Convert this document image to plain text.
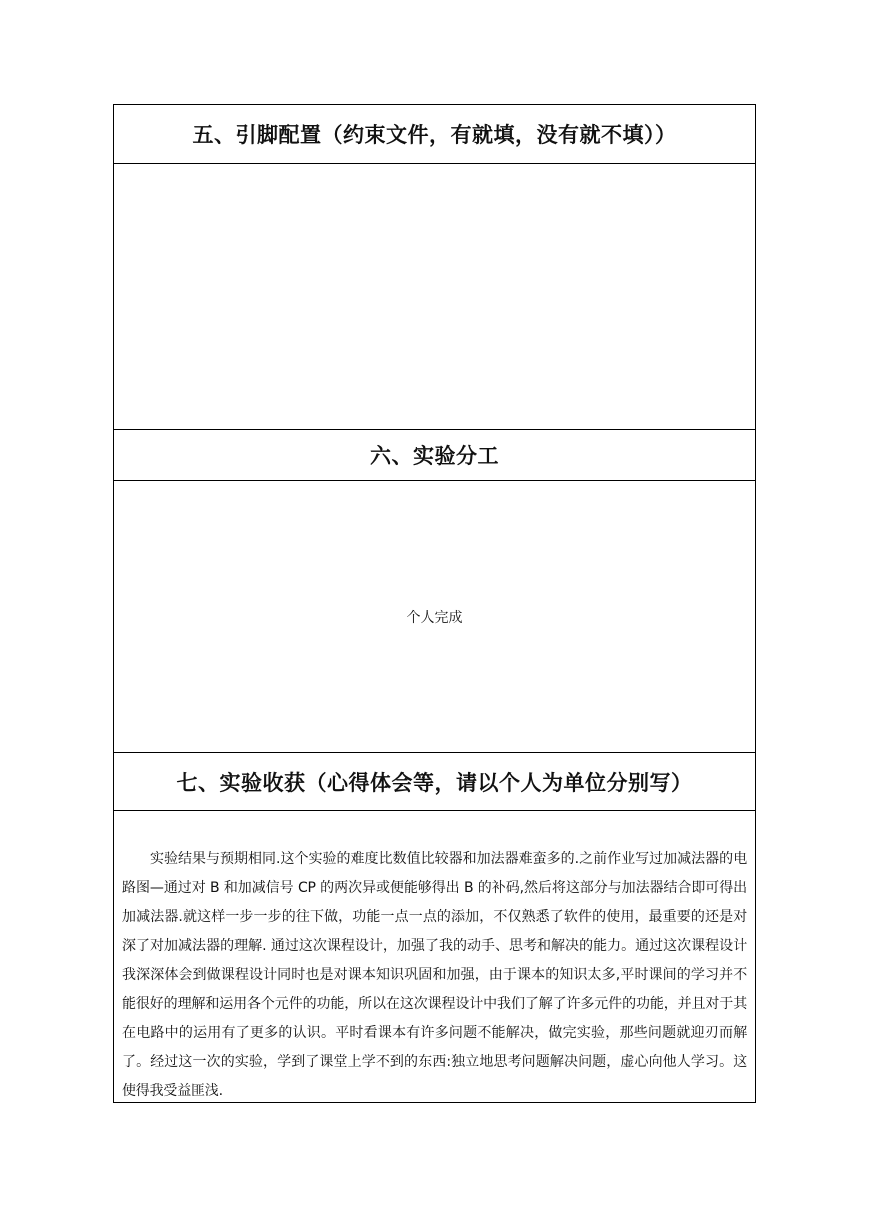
五、引脚配置（约束文件，有就填，没有就不填））
六、实验分工
个人完成
七、实验收获（心得体会等，请以个人为单位分别写）

实验结果与预期相同.这个实验的难度比数值比较器和加法器难蛮多的.之前作业写过加减法器的电路图—通过对 B 和加减信号 CP 的两次异或便能够得出 B 的补码,然后将这部分与加法器结合即可得出加减法器.就这样一步一步的往下做，功能一点一点的添加，不仅熟悉了软件的使用，最重要的还是对深了对加减法器的理解. 通过这次课程设计，加强了我的动手、思考和解决的能力。通过这次课程设计我深深体会到做课程设计同时也是对课本知识巩固和加强，由于课本的知识太多,平时课间的学习并不能很好的理解和运用各个元件的功能，所以在这次课程设计中我们了解了许多元件的功能，并且对于其在电路中的运用有了更多的认识。平时看课本有许多问题不能解决，做完实验，那些问题就迎刃而解了。经过这一次的实验，学到了课堂上学不到的东西:独立地思考问题解决问题，虚心向他人学习。这使得我受益匪浅.
